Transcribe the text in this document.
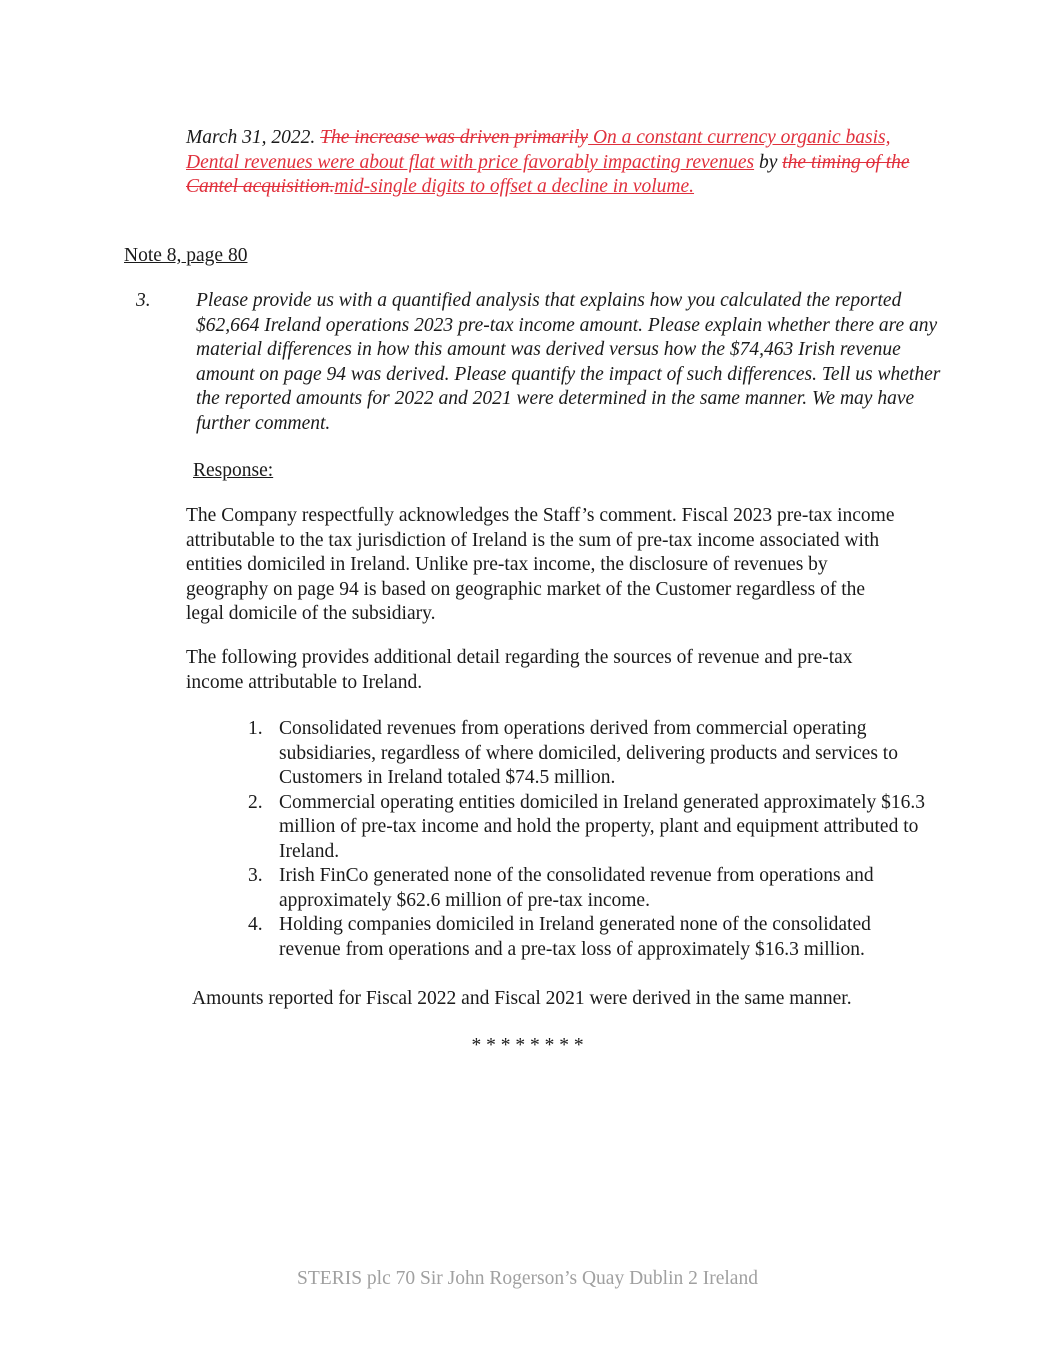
March 31, 2022. The increase was driven primarily On a constant currency organic basis, Dental revenues were about flat with price favorably impacting revenues by the timing of the Cantel acquisition.mid-single digits to offset a decline in volume.
Note 8, page 80
3. Please provide us with a quantified analysis that explains how you calculated the reported $62,664 Ireland operations 2023 pre-tax income amount. Please explain whether there are any material differences in how this amount was derived versus how the $74,463 Irish revenue amount on page 94 was derived. Please quantify the impact of such differences. Tell us whether the reported amounts for 2022 and 2021 were determined in the same manner. We may have further comment.
Response:
The Company respectfully acknowledges the Staff’s comment. Fiscal 2023 pre-tax income attributable to the tax jurisdiction of Ireland is the sum of pre-tax income associated with entities domiciled in Ireland. Unlike pre-tax income, the disclosure of revenues by geography on page 94 is based on geographic market of the Customer regardless of the legal domicile of the subsidiary.
The following provides additional detail regarding the sources of revenue and pre-tax income attributable to Ireland.
1. Consolidated revenues from operations derived from commercial operating subsidiaries, regardless of where domiciled, delivering products and services to Customers in Ireland totaled $74.5 million.
2. Commercial operating entities domiciled in Ireland generated approximately $16.3 million of pre-tax income and hold the property, plant and equipment attributed to Ireland.
3. Irish FinCo generated none of the consolidated revenue from operations and approximately $62.6 million of pre-tax income.
4. Holding companies domiciled in Ireland generated none of the consolidated revenue from operations and a pre-tax loss of approximately $16.3 million.
Amounts reported for Fiscal 2022 and Fiscal 2021 were derived in the same manner.
* * * * * * * *
STERIS plc 70 Sir John Rogerson’s Quay Dublin 2 Ireland
